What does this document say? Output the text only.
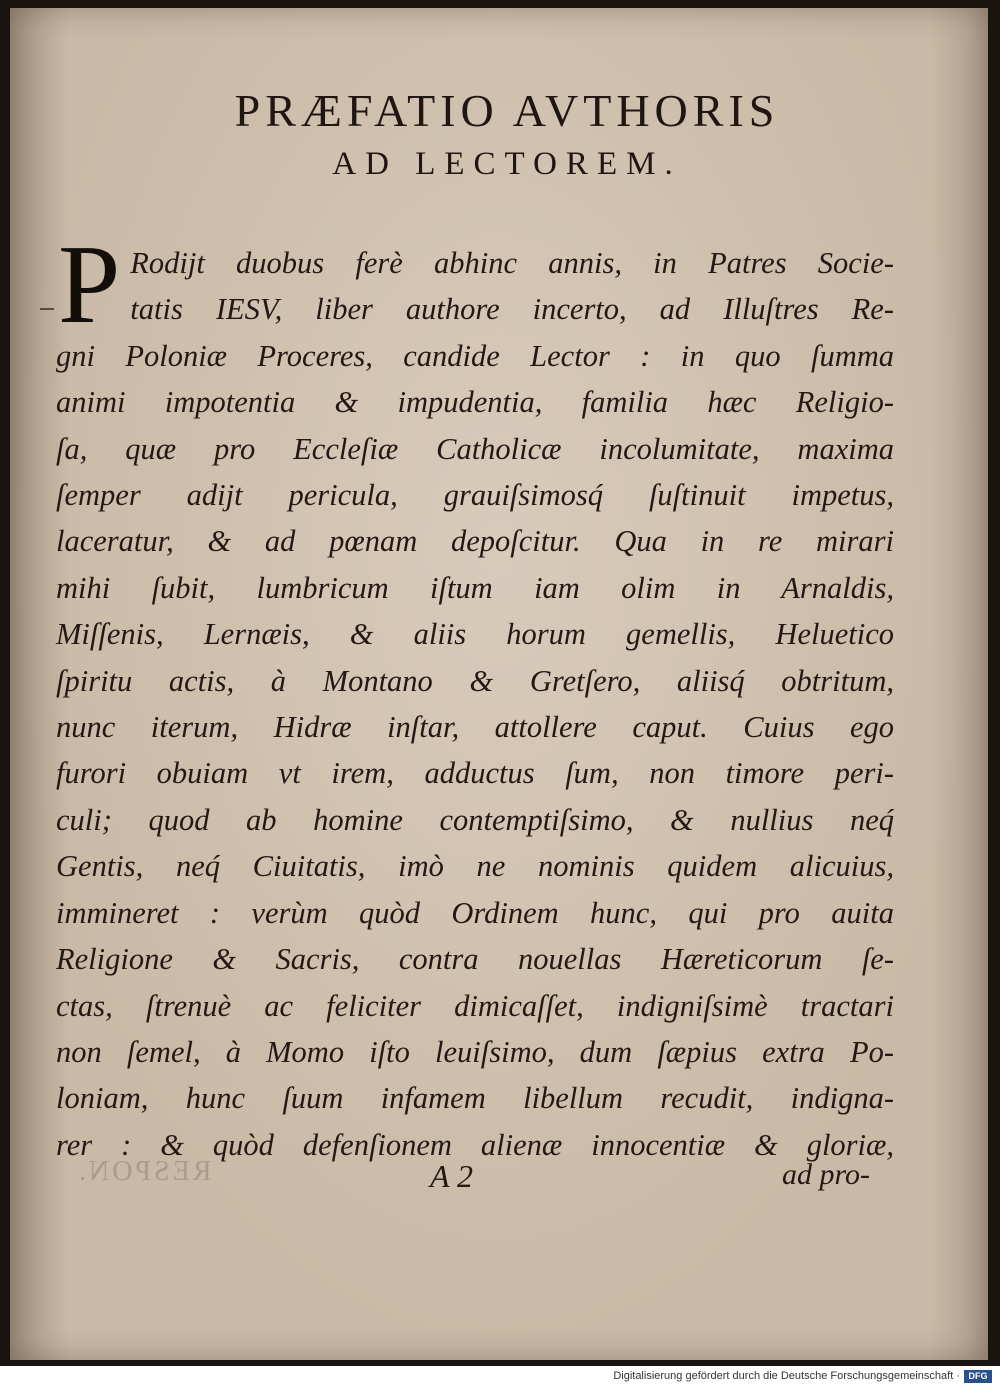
PRÆFATIO AVTHORIS
AD LECTOREM.
P Rodijt duobus ferè abhinc annis, in Patres Socie-
tatis IESV, liber authore incerto, ad Illuſtres Re-
gni Poloniæ Proceres, candide Lector : in quo ſumma
animi impotentia & impudentia, familia hæc Religio-
ſa, quæ pro Eccleſiæ Catholicæ incolumitate, maxima
ſemper adijt pericula, grauiſsimosq́ ſuſtinuit impetus,
laceratur, & ad pœnam depoſcitur. Qua in re mirari
mihi ſubit, lumbricum iſtum iam olim in Arnaldis,
Miſſenis, Lernæis, & aliis horum gemellis, Heluetico
ſpiritu actis, à Montano & Gretſero, aliisq́ obtritum,
nunc iterum, Hidræ inſtar, attollere caput. Cuius ego
furori obuiam vt irem, adductus ſum, non timore peri-
culi; quod ab homine contemptiſsimo, & nullius neq́
Gentis, neq́ Ciuitatis, imò ne nominis quidem alicuius,
immineret : verùm quòd Ordinem hunc, qui pro auita
Religione & Sacris, contra nouellas Hæreticorum ſe-
ctas, ſtrenuè ac feliciter dimicaſſet, indigniſsimè tractari
non ſemel, à Momo iſto leuiſsimo, dum ſæpius extra Po-
loniam, hunc ſuum infamem libellum recudit, indigna-
rer : & quòd defenſionem alienæ innocentiæ & gloriæ,
RESPON.	A 2	ad pro-
Digitalisierung gefördert durch die Deutsche Forschungsgemeinschaft · DFG
